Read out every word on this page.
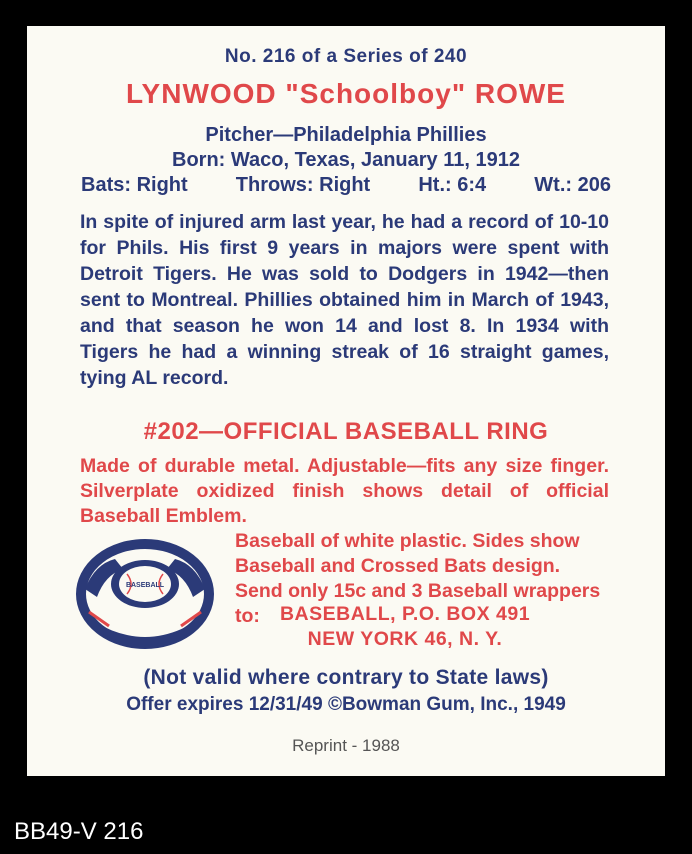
No. 216 of a Series of 240
LYNWOOD "Schoolboy" ROWE
Pitcher—Philadelphia Phillies
Born: Waco, Texas, January 11, 1912
Bats: Right Throws: Right Ht.: 6:4 Wt.: 206
In spite of injured arm last year, he had a record of 10-10 for Phils. His first 9 years in majors were spent with Detroit Tigers. He was sold to Dodgers in 1942—then sent to Montreal. Phillies obtained him in March of 1943, and that season he won 14 and lost 8. In 1934 with Tigers he had a winning streak of 16 straight games, tying AL record.
#202—OFFICIAL BASEBALL RING
Made of durable metal. Adjustable—fits any size finger. Silverplate oxidized finish shows detail of official Baseball Emblem.
Baseball of white plastic. Sides show Baseball and Crossed Bats design. Send only 15c and 3 Baseball wrappers to:
BASEBALL
BASEBALL, P.O. BOX 491
NEW YORK 46, N. Y.
(Not valid where contrary to State laws)
Offer expires 12/31/49 ©Bowman Gum, Inc., 1949
Reprint - 1988
BB49-V 216
